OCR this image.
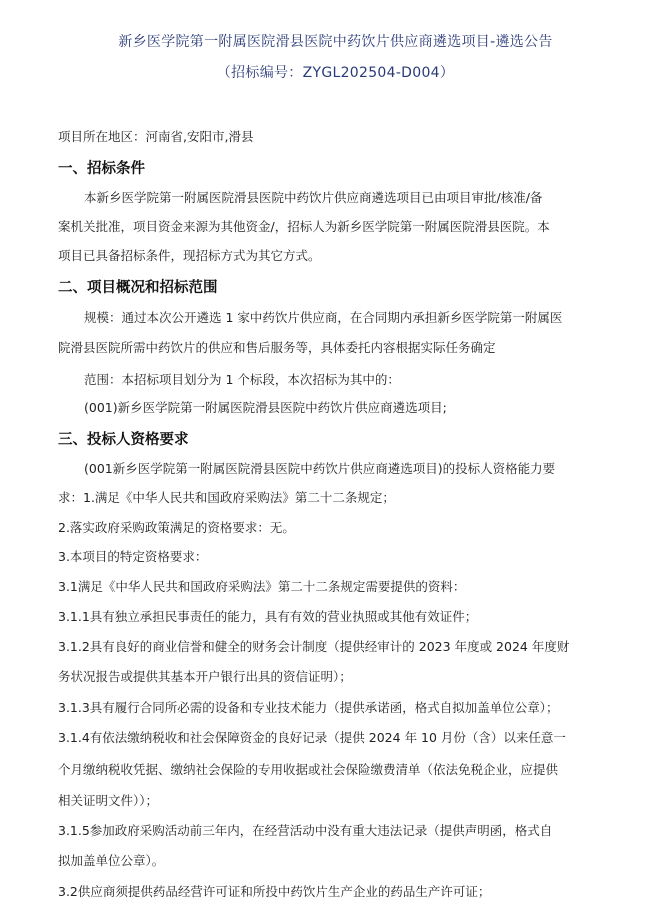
新乡医学院第一附属医院滑县医院中药饮片供应商遴选项目-遴选公告
（招标编号：ZYGL202504-D004）
项目所在地区：河南省,安阳市,滑县
一、招标条件
本新乡医学院第一附属医院滑县医院中药饮片供应商遴选项目已由项目审批/核准/备
案机关批准，项目资金来源为其他资金/，招标人为新乡医学院第一附属医院滑县医院。本
项目已具备招标条件，现招标方式为其它方式。
二、项目概况和招标范围
规模：通过本次公开遴选 1 家中药饮片供应商，在合同期内承担新乡医学院第一附属医
院滑县医院所需中药饮片的供应和售后服务等，具体委托内容根据实际任务确定
范围：本招标项目划分为 1 个标段，本次招标为其中的：
(001)新乡医学院第一附属医院滑县医院中药饮片供应商遴选项目;
三、投标人资格要求
(001新乡医学院第一附属医院滑县医院中药饮片供应商遴选项目)的投标人资格能力要
求：1.满足《中华人民共和国政府采购法》第二十二条规定；
2.落实政府采购政策满足的资格要求：无。
3.本项目的特定资格要求：
3.1满足《中华人民共和国政府采购法》第二十二条规定需要提供的资料：
3.1.1具有独立承担民事责任的能力，具有有效的营业执照或其他有效证件；
3.1.2具有良好的商业信誉和健全的财务会计制度（提供经审计的 2023 年度或 2024 年度财
务状况报告或提供其基本开户银行出具的资信证明）；
3.1.3具有履行合同所必需的设备和专业技术能力（提供承诺函，格式自拟加盖单位公章）；
3.1.4有依法缴纳税收和社会保障资金的良好记录（提供 2024 年 10 月份（含）以来任意一
个月缴纳税收凭据、缴纳社会保险的专用收据或社会保险缴费清单（依法免税企业，应提供
相关证明文件））；
3.1.5参加政府采购活动前三年内，在经营活动中没有重大违法记录（提供声明函，格式自
拟加盖单位公章）。
3.2供应商须提供药品经营许可证和所投中药饮片生产企业的药品生产许可证；
